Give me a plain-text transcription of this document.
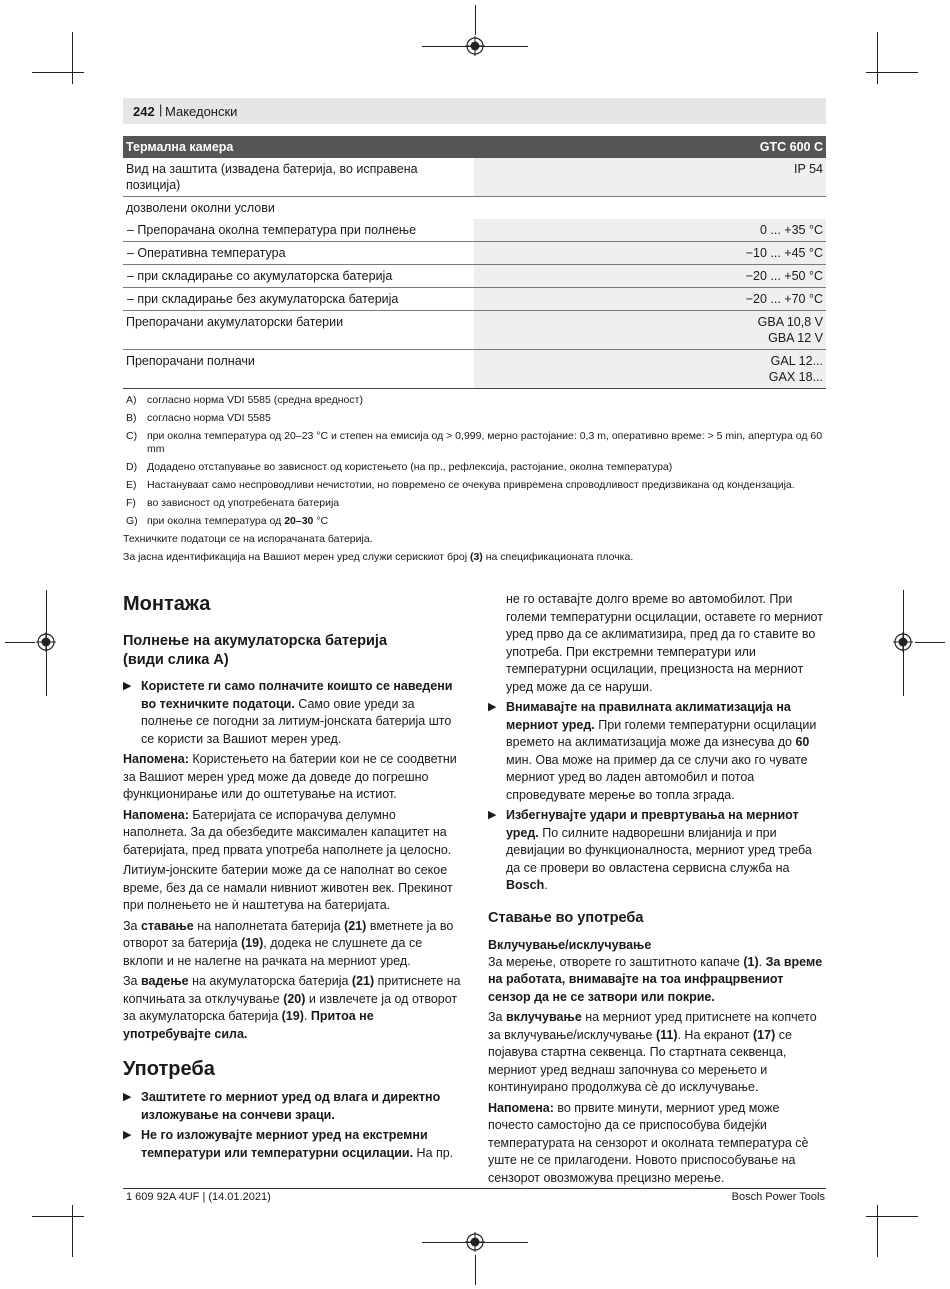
242 | Македонски
Термална камера	GTC 600 C
Вид на заштита (извадена батерија, во исправена позиција)	IP 54
дозволени околни услови	
– Препорачана околна температура при полнење	0 ... +35 °C
– Оперативна температура	−10 ... +45 °C
– при складирање со акумулаторска батерија	−20 ... +50 °C
– при складирање без акумулаторска батерија	−20 ... +70 °C
Препорачани акумулаторски батерии	GBA 10,8 V
GBA 12 V

Препорачани полначи	GAL 12...
GAX 18...
A) согласно норма VDI 5585 (средна вредност)
B) согласно норма VDI 5585
C) при околна температура од 20–23 °C и степен на емисија од > 0,999, мерно растојание: 0,3 m, оперативно време: > 5 min, апертура од 60 mm
D) Додадено отстапување во зависност од користењето (на пр., рефлексија, растојание, околна температура)
E) Настануваат само неспроводливи нечистотии, но повремено се очекува привремена спроводливост предизвикана од кондензација.
F) во зависност од употребената батерија
G) при околна температура од 20–30 °C
Техничките податоци се на испорачаната батерија.
За јасна идентификација на Вашиот мерен уред служи серискиот број (3) на спецификационата плочка.
Монтажа
Полнење на акумулаторска батерија (види слика A)
▶ Користете ги само полначите коишто се наведени во техничките податоци. Само овие уреди за полнење се погодни за литиум-јонската батерија што се користи за Вашиот мерен уред.

Напомена: Користењето на батерии кои не се соодветни за Вашиот мерен уред може да доведе до погрешно функционирање или до оштетување на истиот.

Напомена: Батеријата се испорачува делумно наполнета. За да обезбедите максимален капацитет на батеријата, пред првата употреба наполнете ја целосно.

Литиум-јонските батерии може да се наполнат во секое време, без да се намали нивниот животен век. Прекинот при полнењето не ѝ наштетува на батеријата.

За ставање на наполнетата батерија (21) вметнете ја во отворот за батерија (19), додека не слушнете да се вклопи и не налегне на рачката на мерниот уред.

За вадење на акумулаторска батерија (21) притиснете на копчињата за отклучување (20) и извлечете ја од отворот за акумулаторска батерија (19). Притоа не употребувајте сила.

Употреба
▶ Заштитете го мерниот уред од влага и директно изложување на сончеви зраци.
▶ Не го изложувајте мерниот уред на екстремни температури или температурни осцилации. На пр.

не го оставајте долго време во автомобилот. При големи температурни осцилации, оставете го мерниот уред прво да се аклиматизира, пред да го ставите во употреба. При екстремни температури или температурни осцилации, прецизноста на мерниот уред може да се наруши.

▶ Внимавајте на правилната аклиматизација на мерниот уред. При големи температурни осцилации времето на аклиматизација може да изнесува до 60 мин. Ова може на пример да се случи ако го чувате мерниот уред во ладен автомобил и потоа спроведувате мерење во топла зграда.
▶ Избегнувајте удари и превртувања на мерниот уред. По силните надворешни влијанија и при девијации во функционалноста, мерниот уред треба да се провери во овластена сервисна служба на Bosch.
Ставање во употреба
Вклучување/исклучување

За мерење, отворете го заштитното капаче (1). За време на работата, внимавајте на тоа инфрацрвениот сензор да не се затвори или покрие.

За вклучување на мерниот уред притиснете на копчето за вклучување/исклучување (11). На екранот (17) се појавува стартна секвенца. По стартната секвенца, мерниот уред веднаш започнува со мерењето и континуирано продолжува сѐ до исклучување.

Напомена: во првите минути, мерниот уред може почесто самостојно да се приспособува бидејќи температурата на сензорот и околната температура сѐ уште не се прилагодени. Новото приспособување на сензорот овозможува прецизно мерење.

1 609 92A 4UF | (14.01.2021)	Bosch Power Tools
